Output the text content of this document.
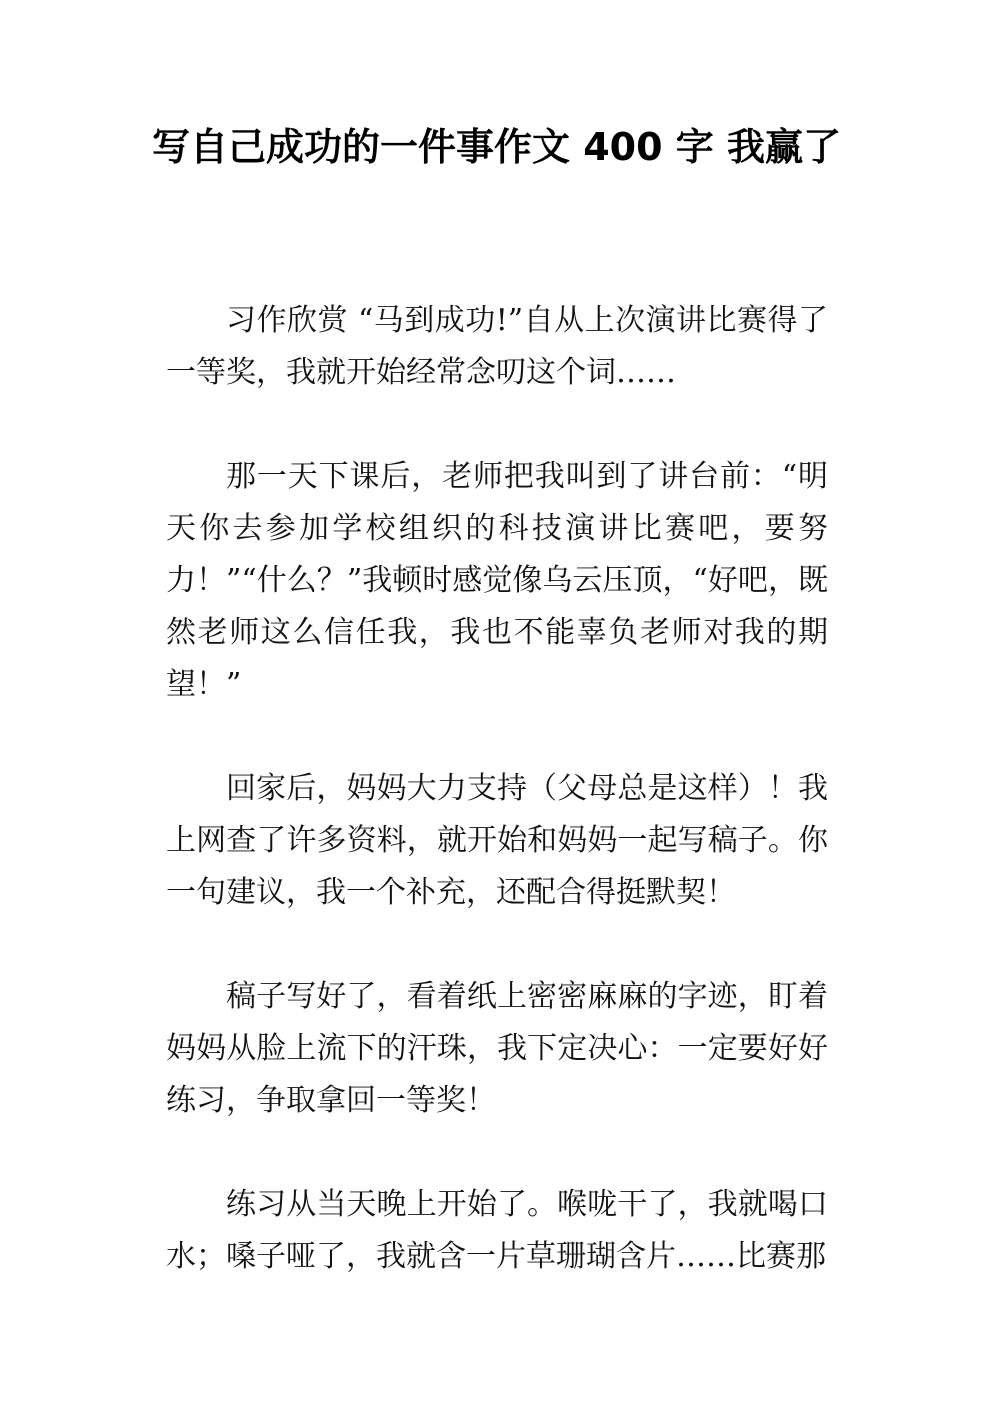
写自己成功的一件事作文 400 字 我赢了

习作欣赏 “马到成功!”自从上次演讲比赛得了一等奖，我就开始经常念叨这个词……

那一天下课后，老师把我叫到了讲台前：“明天你去参加学校组织的科技演讲比赛吧，要努力！”“什么？”我顿时感觉像乌云压顶，“好吧，既然老师这么信任我，我也不能辜负老师对我的期望！”

回家后，妈妈大力支持（父母总是这样）！我上网查了许多资料，就开始和妈妈一起写稿子。你一句建议，我一个补充，还配合得挺默契！

稿子写好了，看着纸上密密麻麻的字迹，盯着妈妈从脸上流下的汗珠，我下定决心：一定要好好练习，争取拿回一等奖！

练习从当天晚上开始了。喉咙干了，我就喝口水；嗓子哑了，我就含一片草珊瑚含片……比赛那
